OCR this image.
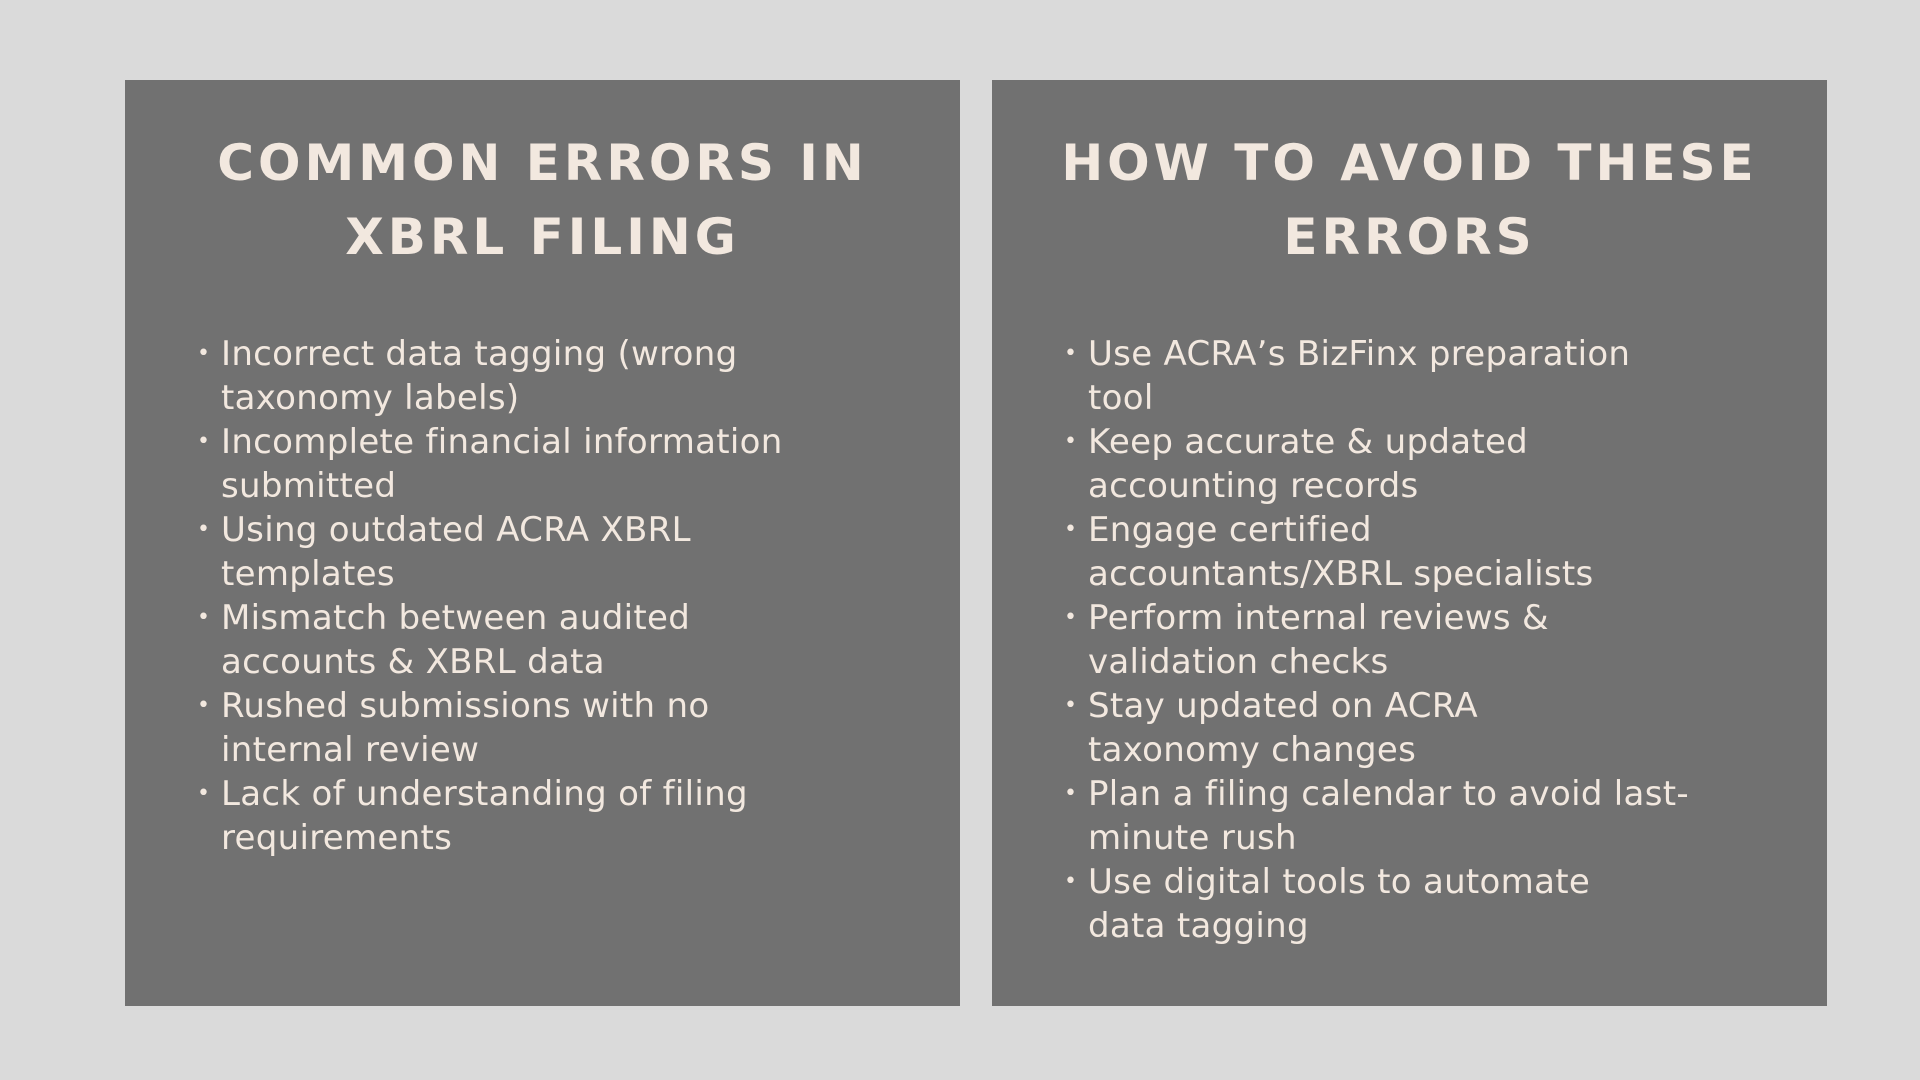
COMMON ERRORS IN
XBRL FILING
• Incorrect data tagging (wrong
taxonomy labels)
• Incomplete financial information
submitted
• Using outdated ACRA XBRL
templates
• Mismatch between audited
accounts & XBRL data
• Rushed submissions with no
internal review
• Lack of understanding of filing
requirements
HOW TO AVOID THESE
ERRORS
• Use ACRA’s BizFinx preparation
tool
• Keep accurate & updated
accounting records
• Engage certified
accountants/XBRL specialists
• Perform internal reviews &
validation checks
• Stay updated on ACRA
taxonomy changes
• Plan a filing calendar to avoid last-
minute rush
• Use digital tools to automate
data tagging
